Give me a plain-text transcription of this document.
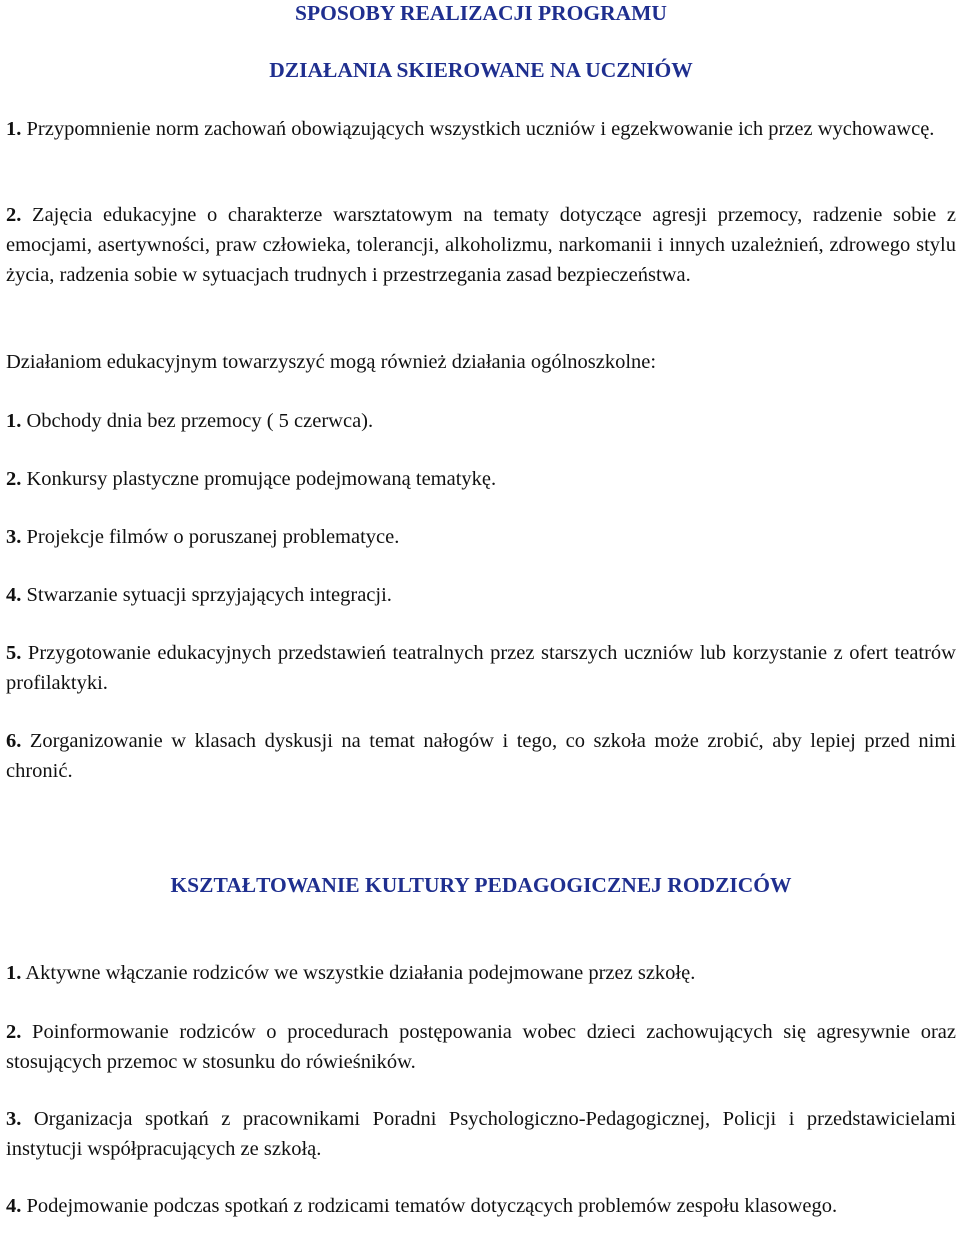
SPOSOBY REALIZACJI PROGRAMU
DZIAŁANIA SKIEROWANE NA UCZNIÓW

1. Przypomnienie norm zachowań obowiązujących wszystkich uczniów i egzekwowanie ich przez wychowawcę.

2. Zajęcia edukacyjne o charakterze warsztatowym na tematy dotyczące agresji przemocy, radzenie sobie z emocjami, asertywności, praw człowieka, tolerancji, alkoholizmu, narkomanii i innych uzależnień, zdrowego stylu życia, radzenia sobie w sytuacjach trudnych i przestrzegania zasad bezpieczeństwa.

Działaniom edukacyjnym towarzyszyć mogą również działania ogólnoszkolne:

1. Obchody dnia bez przemocy ( 5 czerwca).

2. Konkursy plastyczne promujące podejmowaną tematykę.

3. Projekcje filmów o poruszanej problematyce.

4. Stwarzanie sytuacji sprzyjających integracji.

5. Przygotowanie edukacyjnych przedstawień teatralnych przez starszych uczniów lub korzystanie z ofert teatrów profilaktyki.

6. Zorganizowanie w klasach dyskusji na temat nałogów i tego, co szkoła może zrobić, aby lepiej przed nimi chronić.

KSZTAŁTOWANIE KULTURY PEDAGOGICZNEJ RODZICÓW

1. Aktywne włączanie rodziców we wszystkie działania podejmowane przez szkołę.

2. Poinformowanie rodziców o procedurach postępowania wobec dzieci zachowujących się agresywnie oraz stosujących przemoc w stosunku do rówieśników.

3. Organizacja spotkań z pracownikami Poradni Psychologiczno-Pedagogicznej, Policji i przedstawicielami instytucji współpracujących ze szkołą.

4. Podejmowanie podczas spotkań z rodzicami tematów dotyczących problemów zespołu klasowego.
